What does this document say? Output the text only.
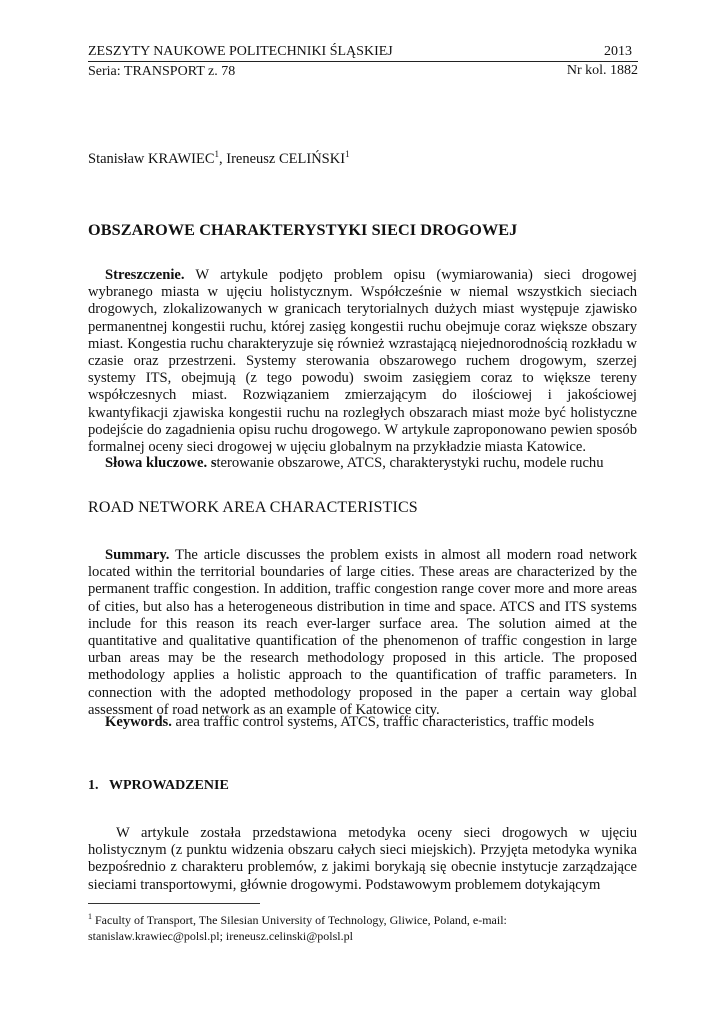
ZESZYTY NAUKOWE POLITECHNIKI ŚLĄSKIEJ	2013
Seria: TRANSPORT z. 78	Nr kol. 1882
Stanisław KRAWIEC$^1$, Ireneusz CELIŃSKI$^1$
OBSZAROWE CHARAKTERYSTYKI SIECI DROGOWEJ
Streszczenie. W artykule podjęto problem opisu (wymiarowania) sieci drogowej wybranego miasta w ujęciu holistycznym. Współcześnie w niemal wszystkich sieciach drogowych, zlokalizowanych w granicach terytorialnych dużych miast występuje zjawisko permanentnej kongestii ruchu, której zasięg kongestii ruchu obejmuje coraz większe obszary miast. Kongestia ruchu charakteryzuje się również wzrastającą niejednorodnością rozkładu w czasie oraz przestrzeni. Systemy sterowania obszarowego ruchem drogowym, szerzej systemy ITS, obejmują (z tego powodu) swoim zasięgiem coraz to większe tereny współczesnych miast. Rozwiązaniem zmierzającym do ilościowej i jakościowej kwantyfikacji zjawiska kongestii ruchu na rozległych obszarach miast może być holistyczne podejście do zagadnienia opisu ruchu drogowego. W artykule zaproponowano pewien sposób formalnej oceny sieci drogowej w ujęciu globalnym na przykładzie miasta Katowice.
Słowa kluczowe. sterowanie obszarowe, ATCS, charakterystyki ruchu, modele ruchu
ROAD NETWORK AREA CHARACTERISTICS
Summary. The article discusses the problem exists in almost all modern road network located within the territorial boundaries of large cities. These areas are characterized by the permanent traffic congestion. In addition, traffic congestion range cover more and more areas of cities, but also has a heterogeneous distribution in time and space. ATCS and ITS systems include for this reason its reach ever-larger surface area. The solution aimed at the quantitative and qualitative quantification of the phenomenon of traffic congestion in large urban areas may be the research methodology proposed in this article. The proposed methodology applies a holistic approach to the quantification of traffic parameters. In connection with the adopted methodology proposed in the paper a certain way global assessment of road network as an example of Katowice city.
Keywords. area traffic control systems, ATCS, traffic characteristics, traffic models
1. WPROWADZENIE
W artykule została przedstawiona metodyka oceny sieci drogowych w ujęciu holistycznym (z punktu widzenia obszaru całych sieci miejskich). Przyjęta metodyka wynika bezpośrednio z charakteru problemów, z jakimi borykają się obecnie instytucje zarządzające sieciami transportowymi, głównie drogowymi. Podstawowym problemem dotykającym
$^1$ Faculty of Transport, The Silesian University of Technology, Gliwice, Poland, e-mail:
stanislaw.krawiec@polsl.pl; ireneusz.celinski@polsl.pl
